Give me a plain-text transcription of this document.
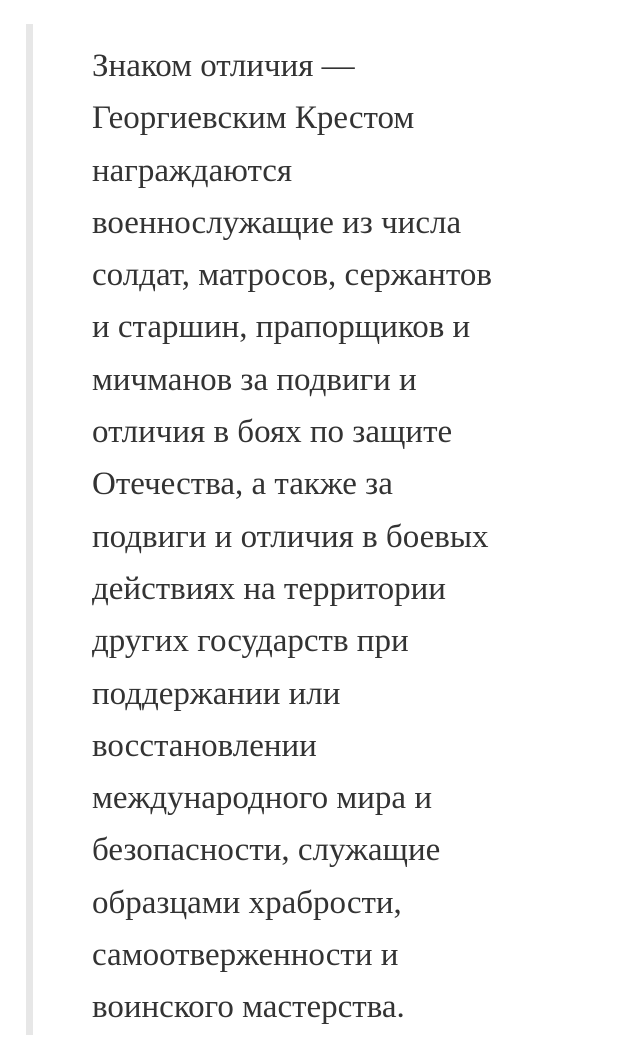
Знаком отличия —
Георгиевским Крестом
награждаются
военнослужащие из числа
солдат, матросов, сержантов
и старшин, прапорщиков и
мичманов за подвиги и
отличия в боях по защите
Отечества, а также за
подвиги и отличия в боевых
действиях на территории
других государств при
поддержании или
восстановлении
международного мира и
безопасности, служащие
образцами храбрости,
самоотверженности и
воинского мастерства.
